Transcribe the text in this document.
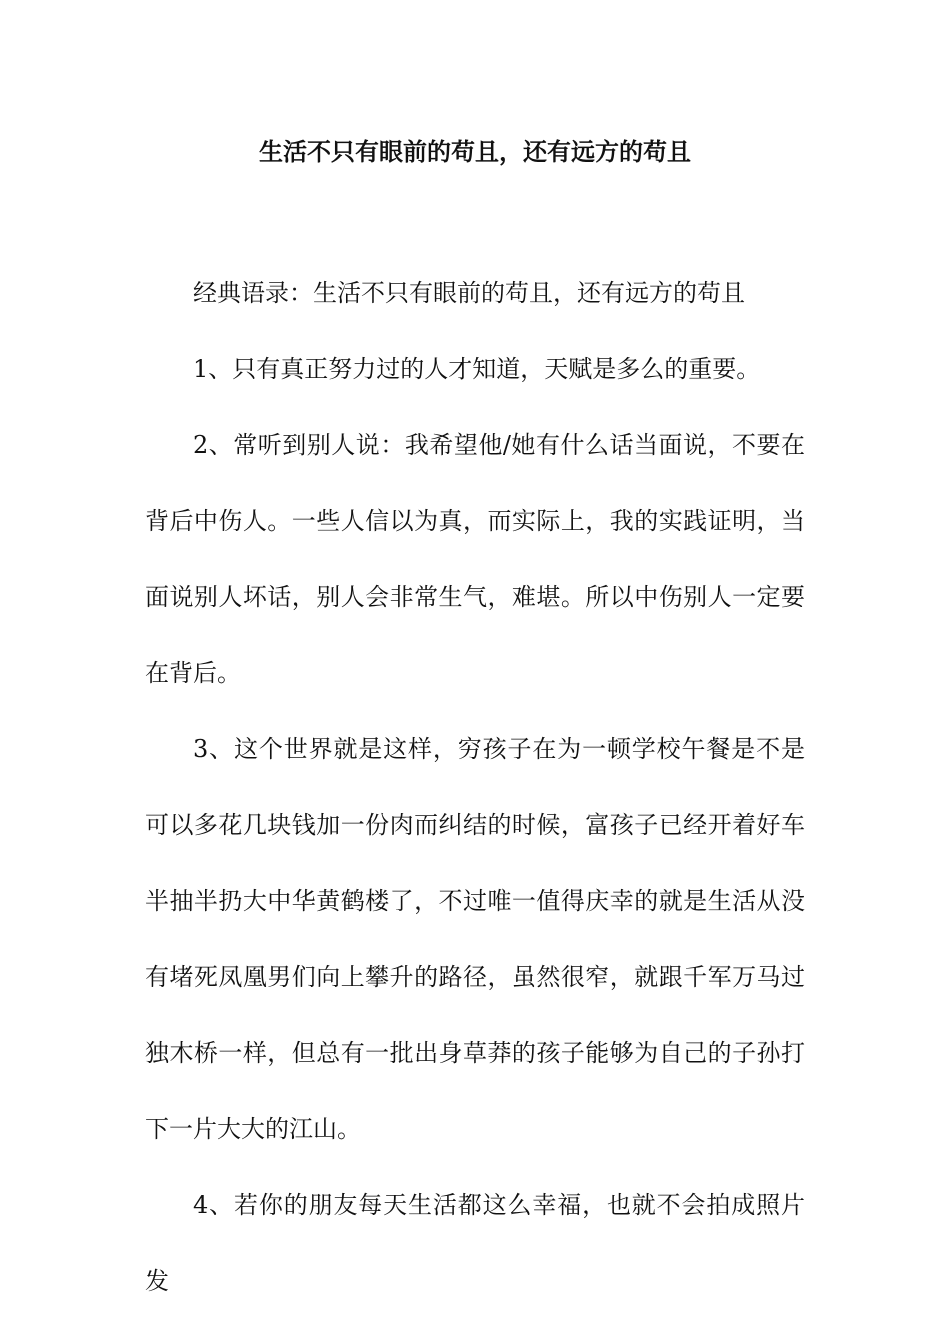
生活不只有眼前的苟且，还有远方的苟且

经典语录：生活不只有眼前的苟且，还有远方的苟且

1、只有真正努力过的人才知道，天赋是多么的重要。

2、常听到别人说：我希望他/她有什么话当面说，不要在背后中伤人。一些人信以为真，而实际上，我的实践证明，当面说别人坏话，别人会非常生气，难堪。所以中伤别人一定要在背后。

3、这个世界就是这样，穷孩子在为一顿学校午餐是不是可以多花几块钱加一份肉而纠结的时候，富孩子已经开着好车半抽半扔大中华黄鹤楼了，不过唯一值得庆幸的就是生活从没有堵死凤凰男们向上攀升的路径，虽然很窄，就跟千军万马过独木桥一样，但总有一批出身草莽的孩子能够为自己的子孙打下一片大大的江山。

4、若你的朋友每天生活都这么幸福，也就不会拍成照片发
